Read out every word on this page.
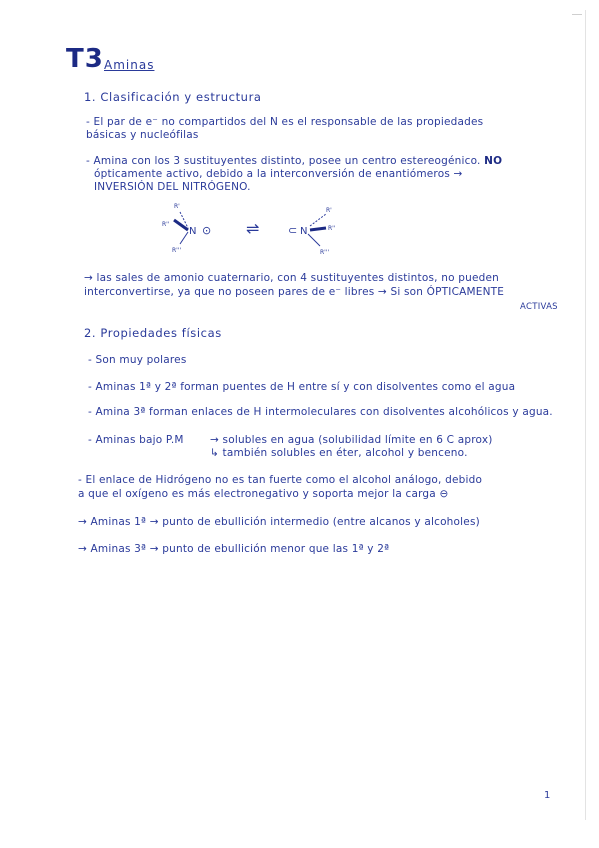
T3 Aminas
1. Clasificación y estructura
- El par de e⁻ no compartidos del N es el responsable de las propiedades
básicas y nucleófilas
- Amina con los 3 sustituyentes distinto, posee un centro estereogénico. NO
ópticamente activo, debido a la interconversión de enantiómeros →
INVERSIÓN DEL NITRÓGENO.
R'
R''
R'''
N ⊙ ⇌	⊂ N
R'
R''
R'''
→ las sales de amonio cuaternario, con 4 sustituyentes distintos, no pueden
interconvertirse, ya que no poseen pares de e⁻ libres → Si son ÓPTICAMENTE
ACTIVAS
2. Propiedades físicas
- Son muy polares
- Aminas 1ª y 2ª forman puentes de H entre sí y con disolventes como el agua
- Amina 3ª forman enlaces de H intermoleculares con disolventes alcohólicos y agua.
- Aminas bajo P.M	→ solubles en agua (solubilidad límite en 6 C aprox)
↳ también solubles en éter, alcohol y benceno.
- El enlace de Hidrógeno no es tan fuerte como el alcohol análogo, debido
a que el oxígeno es más electronegativo y soporta mejor la carga ⊖
→ Aminas 1ª → punto de ebullición intermedio (entre alcanos y alcoholes)
→ Aminas 3ª → punto de ebullición menor que las 1ª y 2ª
1
